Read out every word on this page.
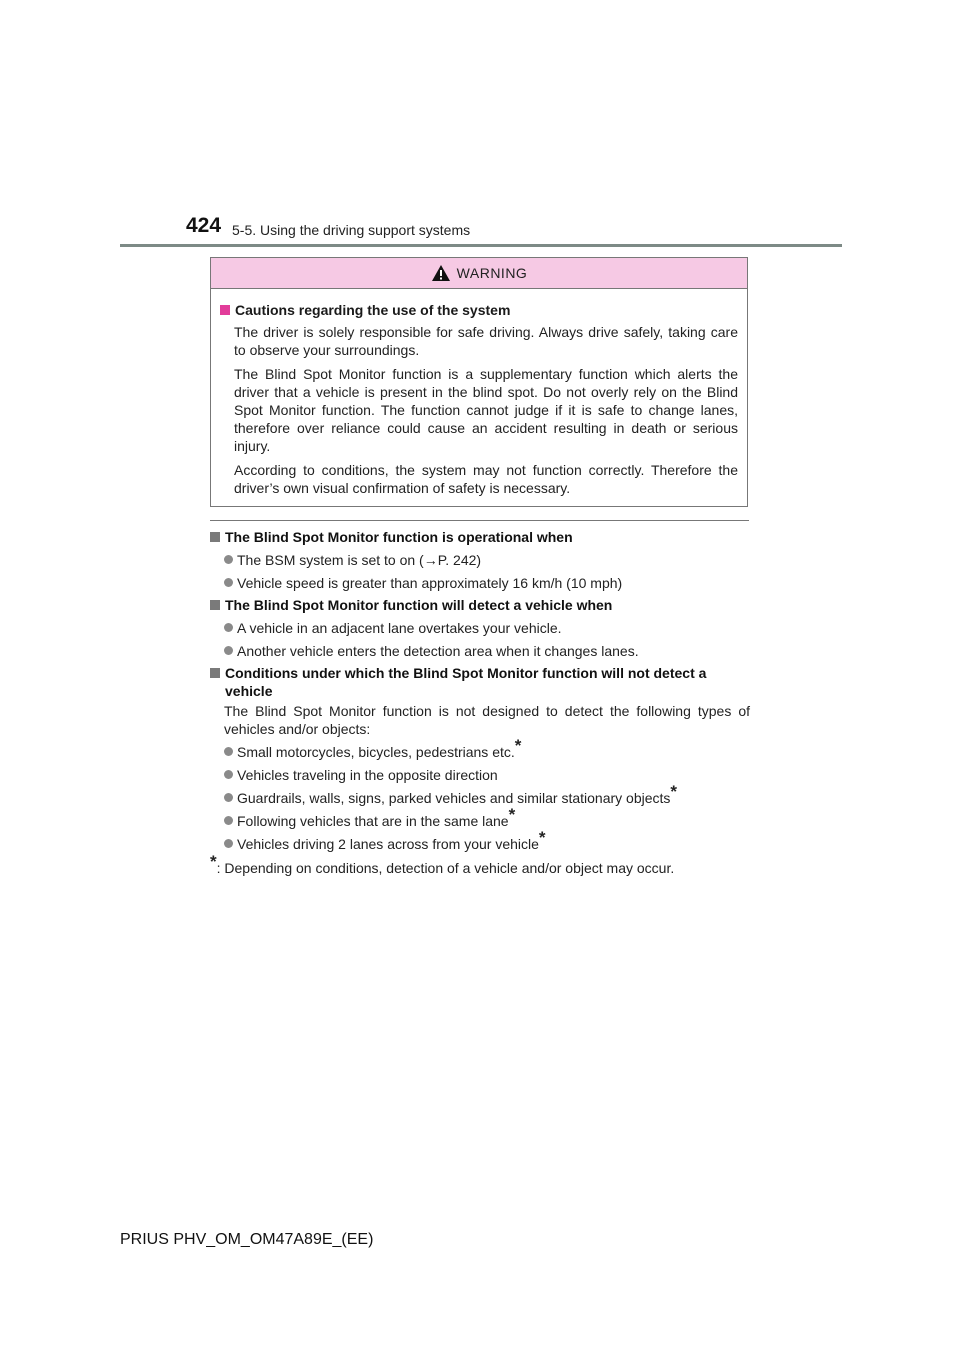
424 5-5. Using the driving support systems
WARNING
Cautions regarding the use of the system

The driver is solely responsible for safe driving. Always drive safely, taking care to observe your surroundings.

The Blind Spot Monitor function is a supplementary function which alerts the driver that a vehicle is present in the blind spot. Do not overly rely on the Blind Spot Monitor function. The function cannot judge if it is safe to change lanes, therefore over reliance could cause an accident resulting in death or serious injury.

According to conditions, the system may not function correctly. Therefore the driver’s own visual confirmation of safety is necessary.

The Blind Spot Monitor function is operational when
The BSM system is set to on (→P. 242)
Vehicle speed is greater than approximately 16 km/h (10 mph)
The Blind Spot Monitor function will detect a vehicle when
A vehicle in an adjacent lane overtakes your vehicle.
Another vehicle enters the detection area when it changes lanes.
Conditions under which the Blind Spot Monitor function will not detect a vehicle

The Blind Spot Monitor function is not designed to detect the following types of vehicles and/or objects:

Small motorcycles, bicycles, pedestrians etc.*
Vehicles traveling in the opposite direction
Guardrails, walls, signs, parked vehicles and similar stationary objects*
Following vehicles that are in the same lane*
Vehicles driving 2 lanes across from your vehicle*
*: Depending on conditions, detection of a vehicle and/or object may occur.
PRIUS PHV_OM_OM47A89E_(EE)
